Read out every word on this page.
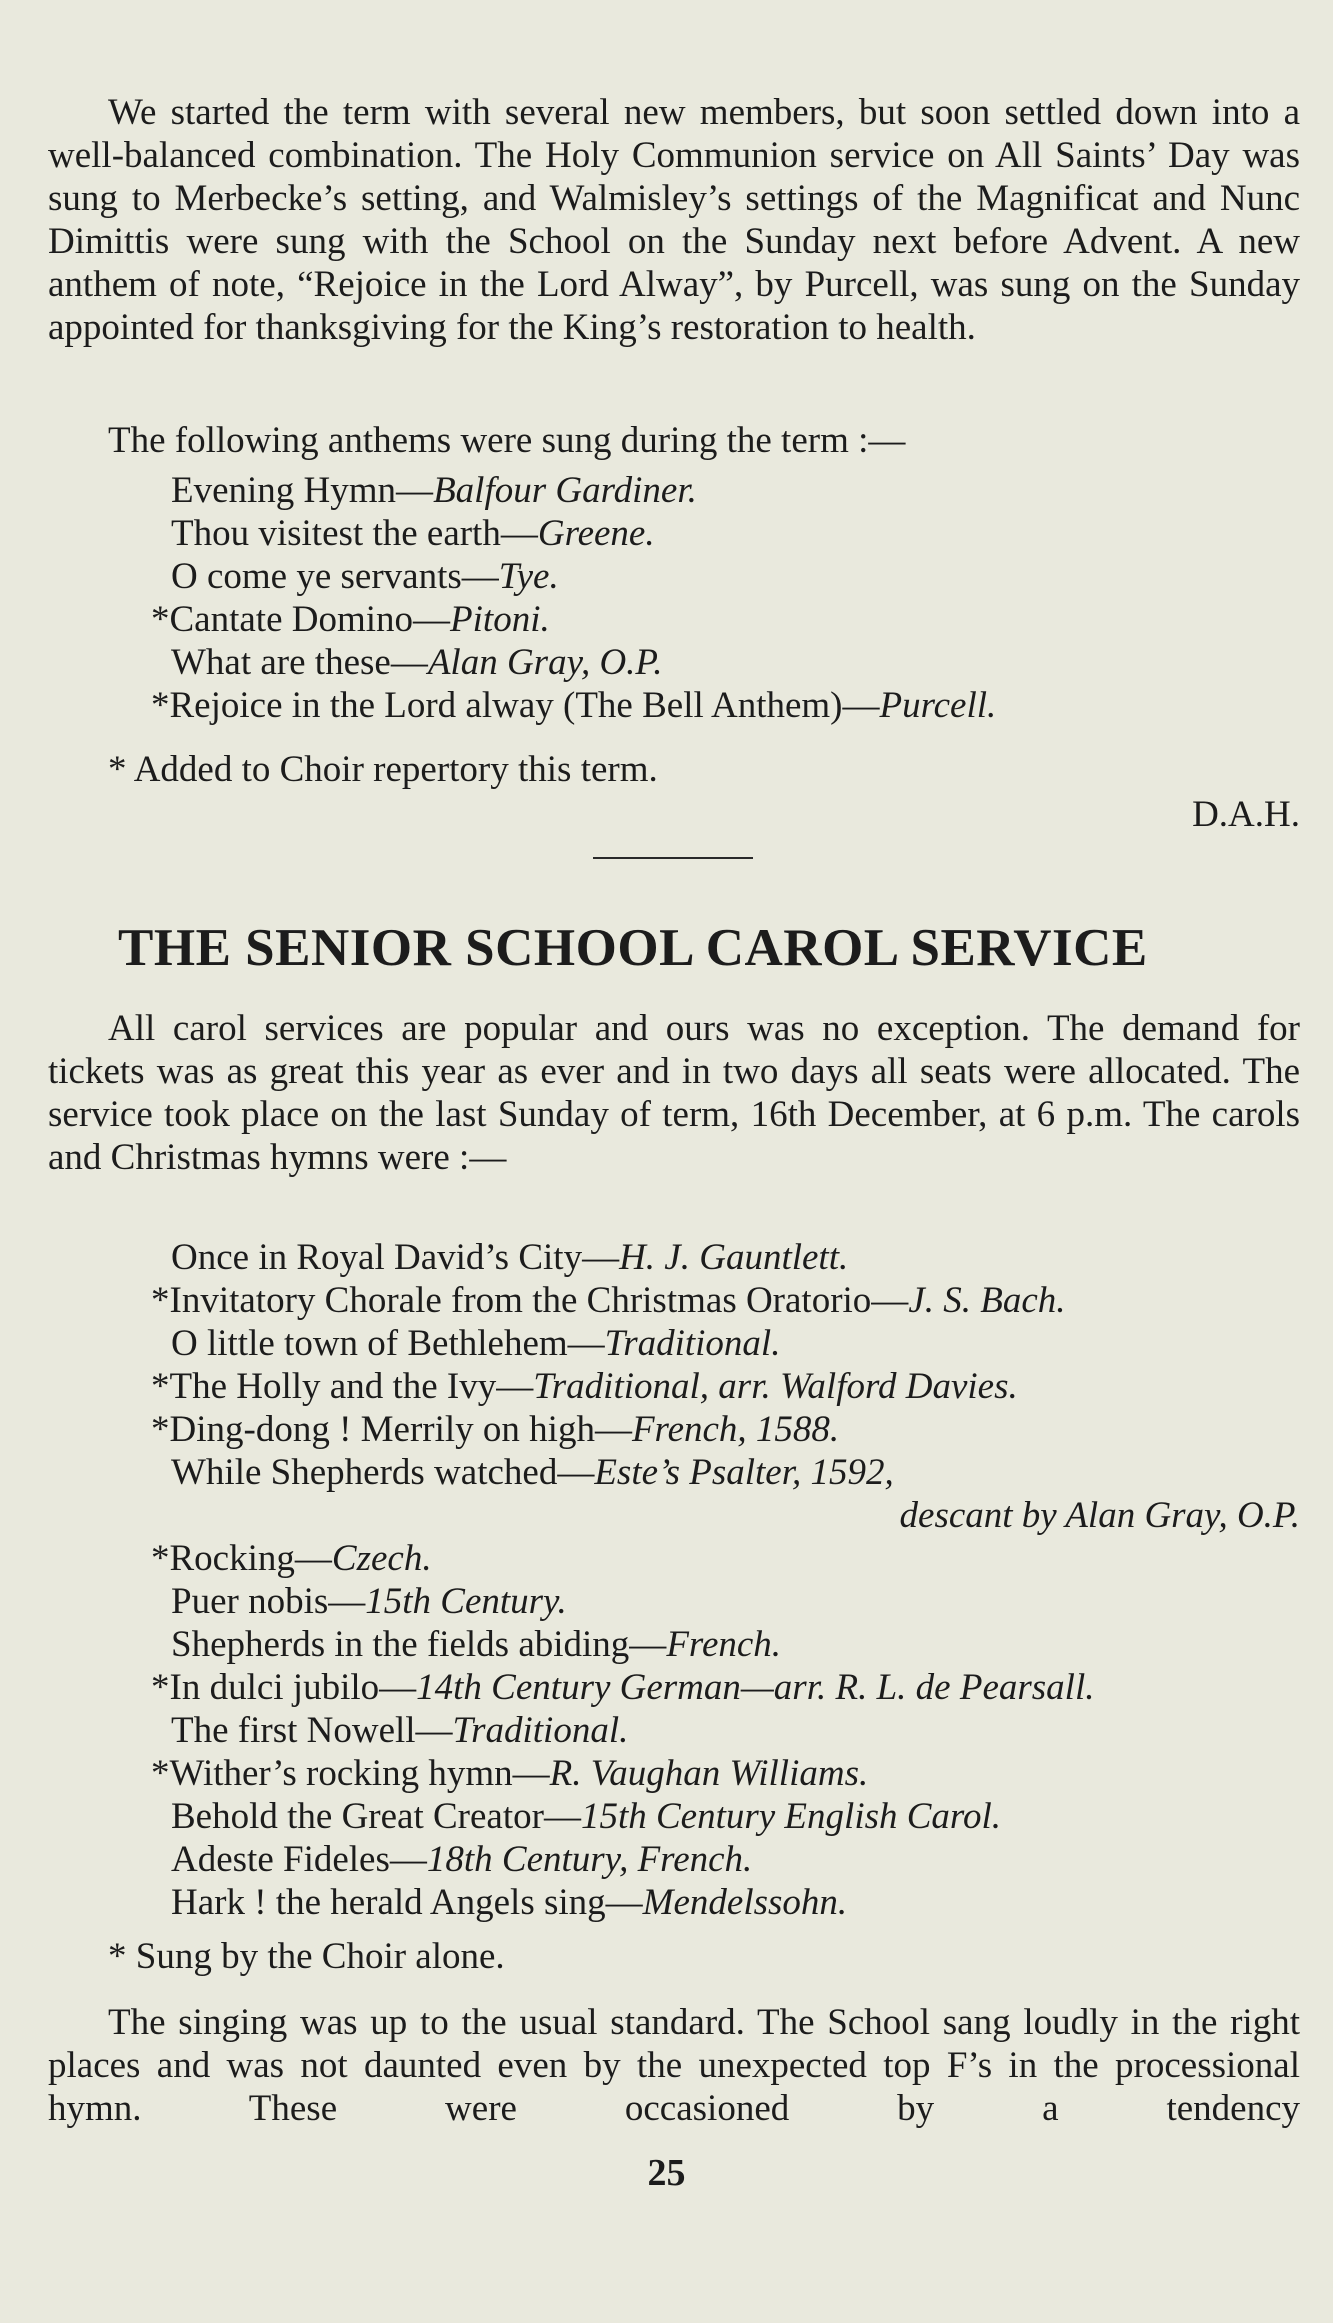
We started the term with several new members, but soon settled down into a well-balanced combination. The Holy Communion service on All Saints’ Day was sung to Merbecke’s setting, and Walmisley’s settings of the Magnificat and Nunc Dimittis were sung with the School on the Sunday next before Advent. A new anthem of note, “Rejoice in the Lord Alway”, by Purcell, was sung on the Sunday appointed for thanksgiving for the King’s restoration to health.

The following anthems were sung during the term :—
Evening Hymn—Balfour Gardiner.
Thou visitest the earth—Greene.
O come ye servants—Tye.
*Cantate Domino—Pitoni.
What are these—Alan Gray, O.P.
*Rejoice in the Lord alway (The Bell Anthem)—Purcell.
* Added to Choir repertory this term.
D.A.H.
THE SENIOR SCHOOL CAROL SERVICE

All carol services are popular and ours was no exception. The demand for tickets was as great this year as ever and in two days all seats were allocated. The service took place on the last Sunday of term, 16th December, at 6 p.m. The carols and Christmas hymns were :—

Once in Royal David’s City—H. J. Gauntlett.
*Invitatory Chorale from the Christmas Oratorio—J. S. Bach.
O little town of Bethlehem—Traditional.
*The Holly and the Ivy—Traditional, arr. Walford Davies.
*Ding-dong ! Merrily on high—French, 1588.
While Shepherds watched—Este’s Psalter, 1592,
descant by Alan Gray, O.P.
*Rocking—Czech.
Puer nobis—15th Century.
Shepherds in the fields abiding—French.
*In dulci jubilo—14th Century German—arr. R. L. de Pearsall.
The first Nowell—Traditional.
*Wither’s rocking hymn—R. Vaughan Williams.
Behold the Great Creator—15th Century English Carol.
Adeste Fideles—18th Century, French.
Hark ! the herald Angels sing—Mendelssohn.
* Sung by the Choir alone.

The singing was up to the usual standard. The School sang loudly in the right places and was not daunted even by the unexpected top F’s in the processional hymn. These were occasioned by a tendency

25
